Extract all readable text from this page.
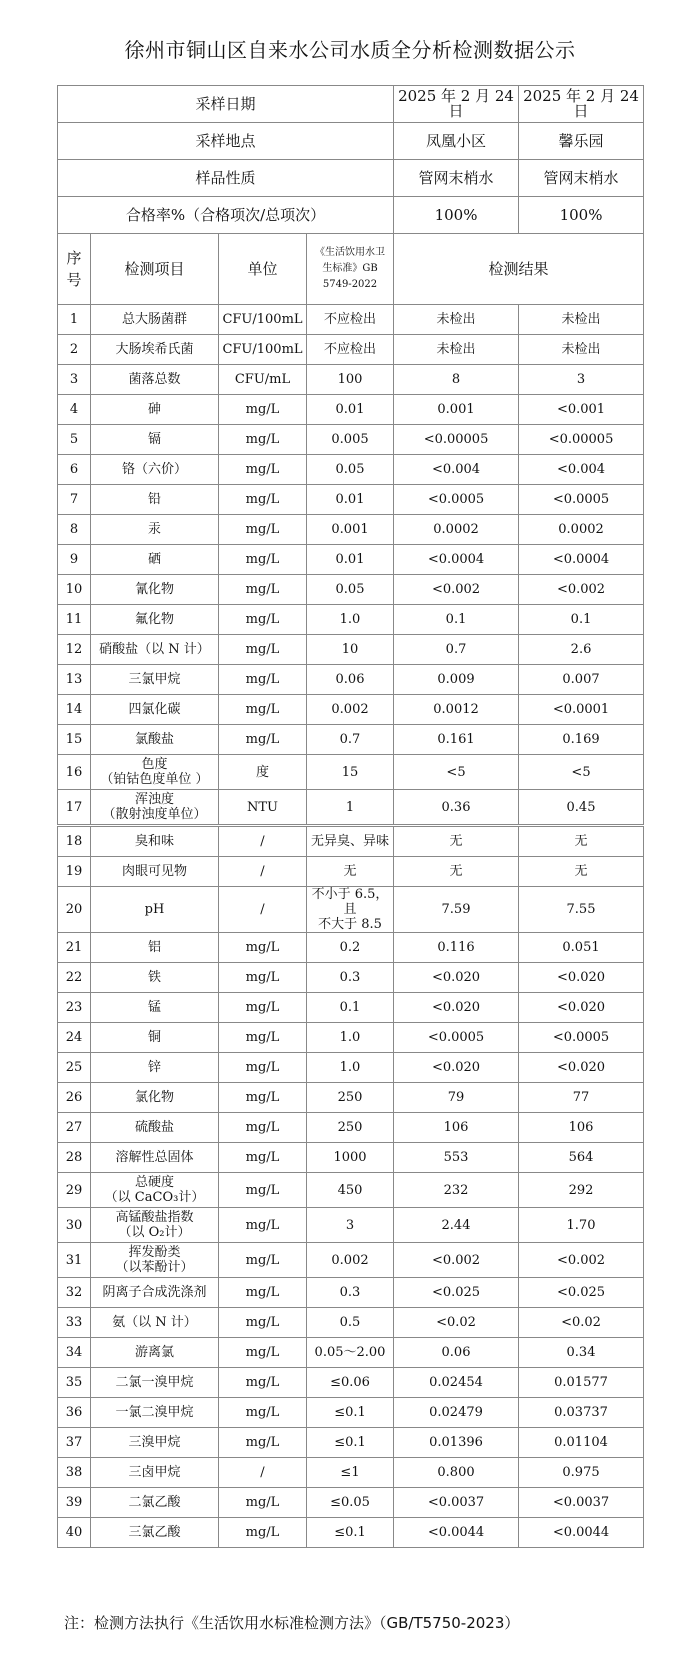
徐州市铜山区自来水公司水质全分析检测数据公示
采样日期				2025 年 2 月 24 日	2025 年 2 月 24 日
采样地点				凤凰小区	馨乐园
样品性质				管网末梢水	管网末梢水
合格率%（合格项次/总项次）				100%	100%
序号	检测项目	单位	《生活饮用水卫生标准》GB 5749-2022	检测结果	

1	总大肠菌群	CFU/100mL	不应检出	未检出	未检出

2	大肠埃希氏菌	CFU/100mL	不应检出	未检出	未检出

3	菌落总数	CFU/mL	100	8	3

4	砷	mg/L	0.01	0.001	<0.001

5	镉	mg/L	0.005	<0.00005	<0.00005

6	铬（六价）	mg/L	0.05	<0.004	<0.004

7	铅	mg/L	0.01	<0.0005	<0.0005

8	汞	mg/L	0.001	0.0002	0.0002

9	硒	mg/L	0.01	<0.0004	<0.0004

10	氰化物	mg/L	0.05	<0.002	<0.002

11	氟化物	mg/L	1.0	0.1	0.1

12	硝酸盐（以 N 计）	mg/L	10	0.7	2.6

13	三氯甲烷	mg/L	0.06	0.009	0.007

14	四氯化碳	mg/L	0.002	0.0012	<0.0001

15	氯酸盐	mg/L	0.7	0.161	0.169

16	色度
（铂钴色度单位 ）	度	15	<5	<5

17	浑浊度
（散射浊度单位）	NTU	1	0.36	0.45

18	臭和味	/	无异臭、异味	无	无

19	肉眼可见物	/	无	无	无

20	pH	/	不小于 6.5，且
不大于 8.5	7.59	7.55

21	铝	mg/L	0.2	0.116	0.051

22	铁	mg/L	0.3	<0.020	<0.020

23	锰	mg/L	0.1	<0.020	<0.020

24	铜	mg/L	1.0	<0.0005	<0.0005

25	锌	mg/L	1.0	<0.020	<0.020

26	氯化物	mg/L	250	79	77

27	硫酸盐	mg/L	250	106	106

28	溶解性总固体	mg/L	1000	553	564

29	总硬度
（以 CaCO₃计）	mg/L	450	232	292

30	高锰酸盐指数
（以 O₂计）	mg/L	3	2.44	1.70

31	挥发酚类
（以苯酚计）	mg/L	0.002	<0.002	<0.002

32	阴离子合成洗涤剂	mg/L	0.3	<0.025	<0.025

33	氨（以 N 计）	mg/L	0.5	<0.02	<0.02

34	游离氯	mg/L	0.05～2.00	0.06	0.34

35	二氯一溴甲烷	mg/L	≤0.06	0.02454	0.01577

36	一氯二溴甲烷	mg/L	≤0.1	0.02479	0.03737

37	三溴甲烷	mg/L	≤0.1	0.01396	0.01104

38	三卤甲烷	/	≤1	0.800	0.975

39	二氯乙酸	mg/L	≤0.05	<0.0037	<0.0037

40	三氯乙酸	mg/L	≤0.1	<0.0044	<0.0044
注：检测方法执行《生活饮用水标准检测方法》（GB/T5750-2023）
